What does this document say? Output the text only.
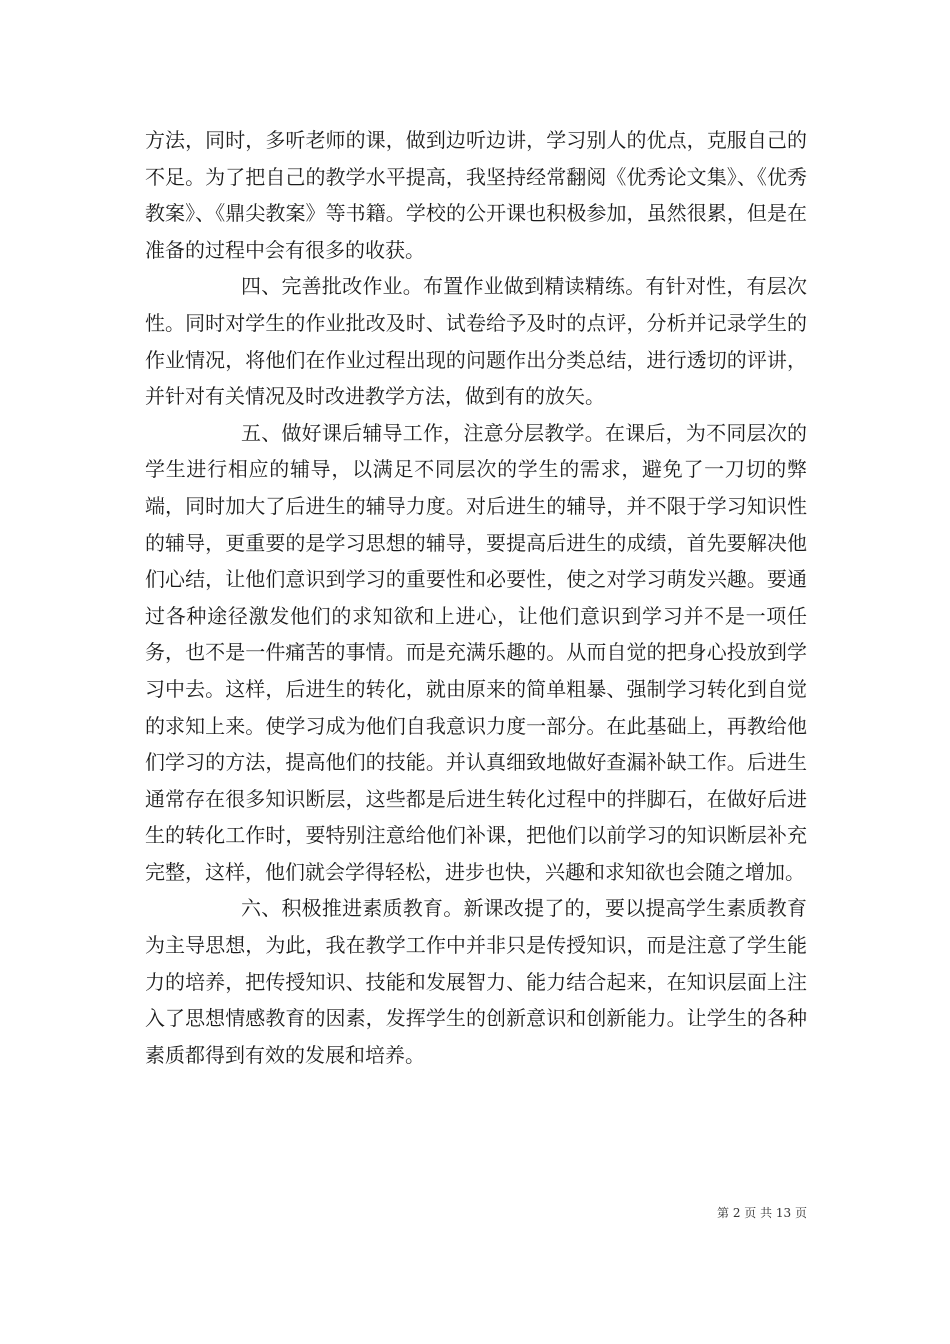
方法，同时，多听老师的课，做到边听边讲，学习别人的优点，克服自己的不足。为了把自己的教学水平提高，我坚持经常翻阅《优秀论文集》、《优秀教案》、《鼎尖教案》等书籍。学校的公开课也积极参加，虽然很累，但是在准备的过程中会有很多的收获。

四、完善批改作业。布置作业做到精读精练。有针对性，有层次性。同时对学生的作业批改及时、试卷给予及时的点评，分析并记录学生的作业情况，将他们在作业过程出现的问题作出分类总结，进行透切的评讲，并针对有关情况及时改进教学方法，做到有的放矢。

五、做好课后辅导工作，注意分层教学。在课后，为不同层次的学生进行相应的辅导，以满足不同层次的学生的需求，避免了一刀切的弊端，同时加大了后进生的辅导力度。对后进生的辅导，并不限于学习知识性的辅导，更重要的是学习思想的辅导，要提高后进生的成绩，首先要解决他们心结，让他们意识到学习的重要性和必要性，使之对学习萌发兴趣。要通过各种途径激发他们的求知欲和上进心，让他们意识到学习并不是一项任务，也不是一件痛苦的事情。而是充满乐趣的。从而自觉的把身心投放到学习中去。这样，后进生的转化，就由原来的简单粗暴、强制学习转化到自觉的求知上来。使学习成为他们自我意识力度一部分。在此基础上，再教给他们学习的方法，提高他们的技能。并认真细致地做好查漏补缺工作。后进生通常存在很多知识断层，这些都是后进生转化过程中的拌脚石，在做好后进生的转化工作时，要特别注意给他们补课，把他们以前学习的知识断层补充完整，这样，他们就会学得轻松，进步也快，兴趣和求知欲也会随之增加。

六、积极推进素质教育。新课改提了的，要以提高学生素质教育为主导思想，为此，我在教学工作中并非只是传授知识，而是注意了学生能力的培养，把传授知识、技能和发展智力、能力结合起来，在知识层面上注入了思想情感教育的因素，发挥学生的创新意识和创新能力。让学生的各种素质都得到有效的发展和培养。

第 2 页 共 13 页
